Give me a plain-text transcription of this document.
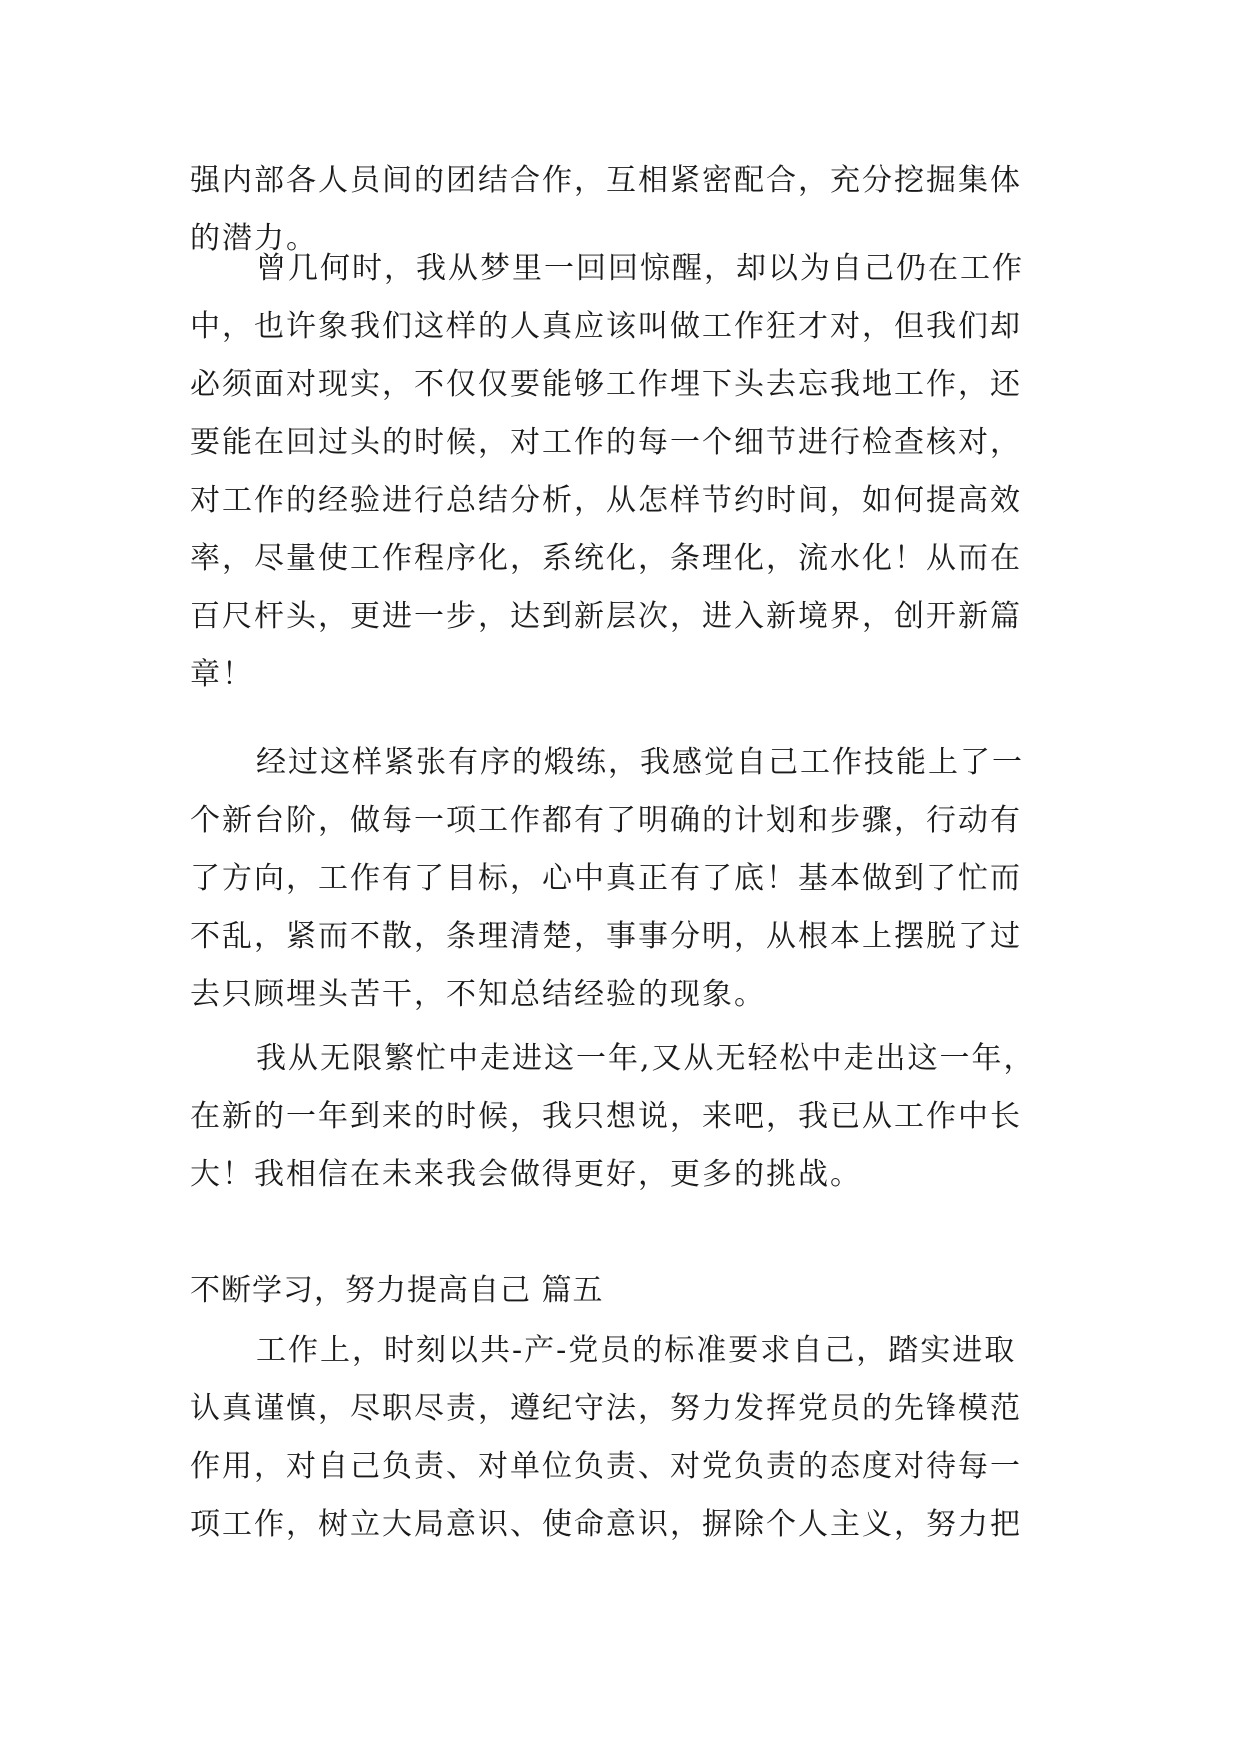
强内部各人员间的团结合作，互相紧密配合，充分挖掘集体
的潜力。
曾几何时，我从梦里一回回惊醒，却以为自己仍在工作
中，也许象我们这样的人真应该叫做工作狂才对，但我们却
必须面对现实，不仅仅要能够工作埋下头去忘我地工作，还
要能在回过头的时候，对工作的每一个细节进行检查核对，
对工作的经验进行总结分析，从怎样节约时间，如何提高效
率，尽量使工作程序化，系统化，条理化，流水化！从而在
百尺杆头，更进一步，达到新层次，进入新境界，创开新篇
章！
经过这样紧张有序的煅练，我感觉自己工作技能上了一
个新台阶，做每一项工作都有了明确的计划和步骤，行动有
了方向，工作有了目标，心中真正有了底！基本做到了忙而
不乱，紧而不散，条理清楚，事事分明，从根本上摆脱了过
去只顾埋头苦干，不知总结经验的现象。
我从无限繁忙中走进这一年,又从无轻松中走出这一年，
在新的一年到来的时候，我只想说，来吧，我已从工作中长
大！我相信在未来我会做得更好，更多的挑战。
不断学习，努力提高自己 篇五
工作上，时刻以共-产-党员的标准要求自己，踏实进取
认真谨慎，尽职尽责，遵纪守法，努力发挥党员的先锋模范
作用，对自己负责、对单位负责、对党负责的态度对待每一
项工作，树立大局意识、使命意识，摒除个人主义，努力把
